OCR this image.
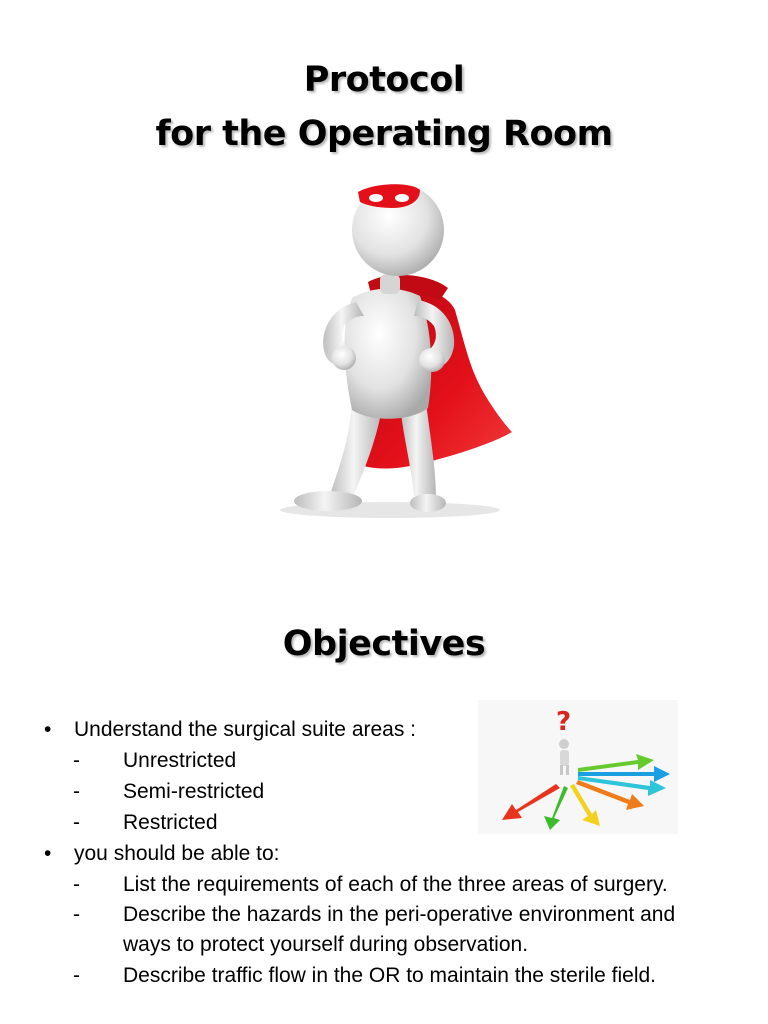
Protocol
for the Operating Room
Objectives
• Understand the surgical suite areas :
- Unrestricted
- Semi-restricted
- Restricted
• you should be able to:
- List the requirements of each of the three areas of surgery.
- Describe the hazards in the peri-operative environment and
ways to protect yourself during observation.
- Describe traffic flow in the OR to maintain the sterile field.
?
